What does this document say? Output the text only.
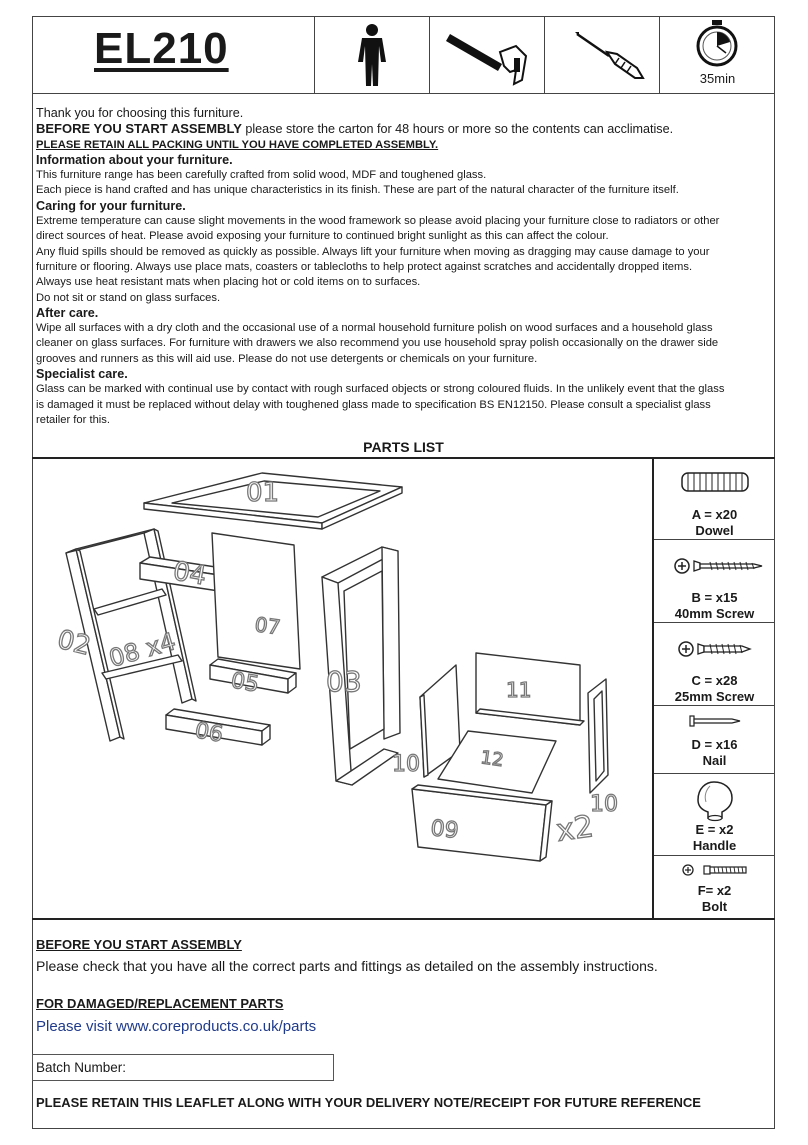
EL210
35min

Thank you for choosing this furniture.

BEFORE YOU START ASSEMBLY please store the carton for 48 hours or more so the contents can acclimatise.

PLEASE RETAIN ALL PACKING UNTIL YOU HAVE COMPLETED ASSEMBLY.

Information about your furniture.

This furniture range has been carefully crafted from solid wood, MDF and toughened glass.

Each piece is hand crafted and has unique characteristics in its finish. These are part of the natural character of the furniture itself.

Caring for your furniture.

Extreme temperature can cause slight movements in the wood framework so please avoid placing your furniture close to radiators or other

direct sources of heat. Please avoid exposing your furniture to continued bright sunlight as this can affect the colour.

Any fluid spills should be removed as quickly as possible. Always lift your furniture when moving as dragging may cause damage to your

furniture or flooring. Always use place mats, coasters or tablecloths to help protect against scratches and accidentally dropped items.

Always use heat resistant mats when placing hot or cold items on to surfaces.

Do not sit or stand on glass surfaces.

After care.

Wipe all surfaces with a dry cloth and the occasional use of a normal household furniture polish on wood surfaces and a household glass

cleaner on glass surfaces. For furniture with drawers we also recommend you use household spray polish occasionally on the drawer side

grooves and runners as this will aid use. Please do not use detergents or chemicals on your furniture.

Specialist care.

Glass can be marked with continual use by contact with rough surfaced objects or strong coloured fluids. In the unlikely event that the glass

is damaged it must be replaced without delay with toughened glass made to specification BS EN12150. Please consult a specialist glass

retailer for this.

PARTS LIST
01
02
03
04
05
06
07
08 x4
09
10
10
11
12
x2
A = x20
Dowel
B = x15
40mm Screw
C = x28
25mm Screw
D = x16
Nail
E = x2
Handle
F= x2
Bolt
BEFORE YOU START ASSEMBLY
Please check that you have all the correct parts and fittings as detailed on the assembly instructions.
FOR DAMAGED/REPLACEMENT PARTS
Please visit www.coreproducts.co.uk/parts
Batch Number:
PLEASE RETAIN THIS LEAFLET ALONG WITH YOUR DELIVERY NOTE/RECEIPT FOR FUTURE REFERENCE
